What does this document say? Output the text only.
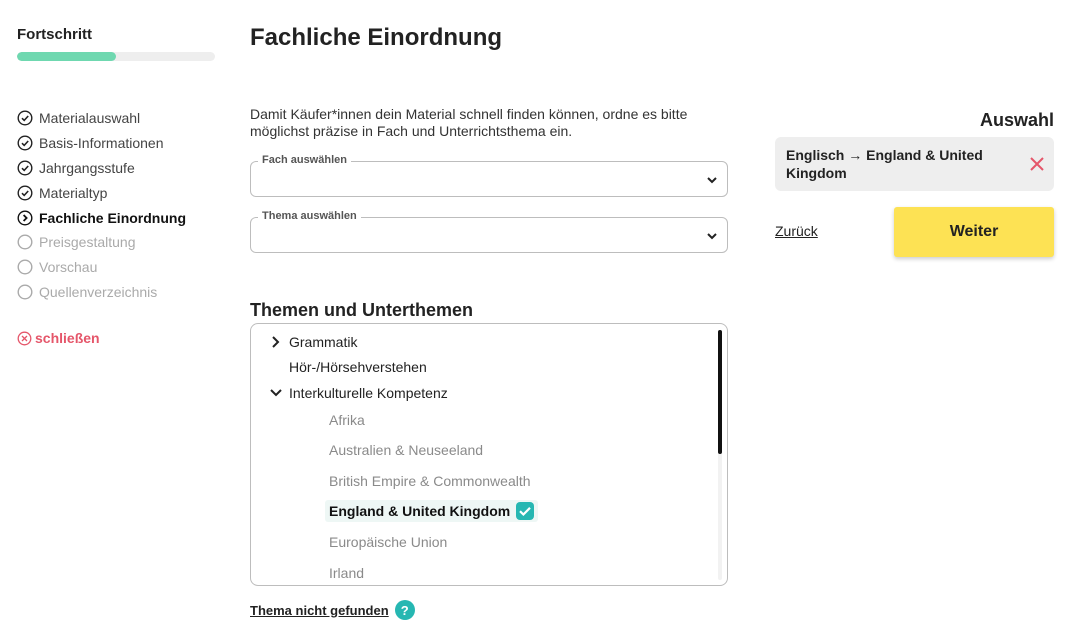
Fortschritt
Materialauswahl
Basis-Informationen
Jahrgangsstufe
Materialtyp
Fachliche Einordnung
Preisgestaltung
Vorschau
Quellenverzeichnis
schließen
Fachliche Einordnung

Damit Käufer*innen dein Material schnell finden können, ordne es bitte möglichst präzise in Fach und Unterrichtsthema ein.

Fach auswählen
Thema auswählen
Themen und Unterthemen
Grammatik
Hör-/Hörsehverstehen
Interkulturelle Kompetenz
Afrika
Australien & Neuseeland
British Empire & Commonwealth
England & United Kingdom
Europäische Union
Irland
Thema nicht gefunden ?
Auswahl
Englisch → England & United Kingdom
Zurück	Weiter
